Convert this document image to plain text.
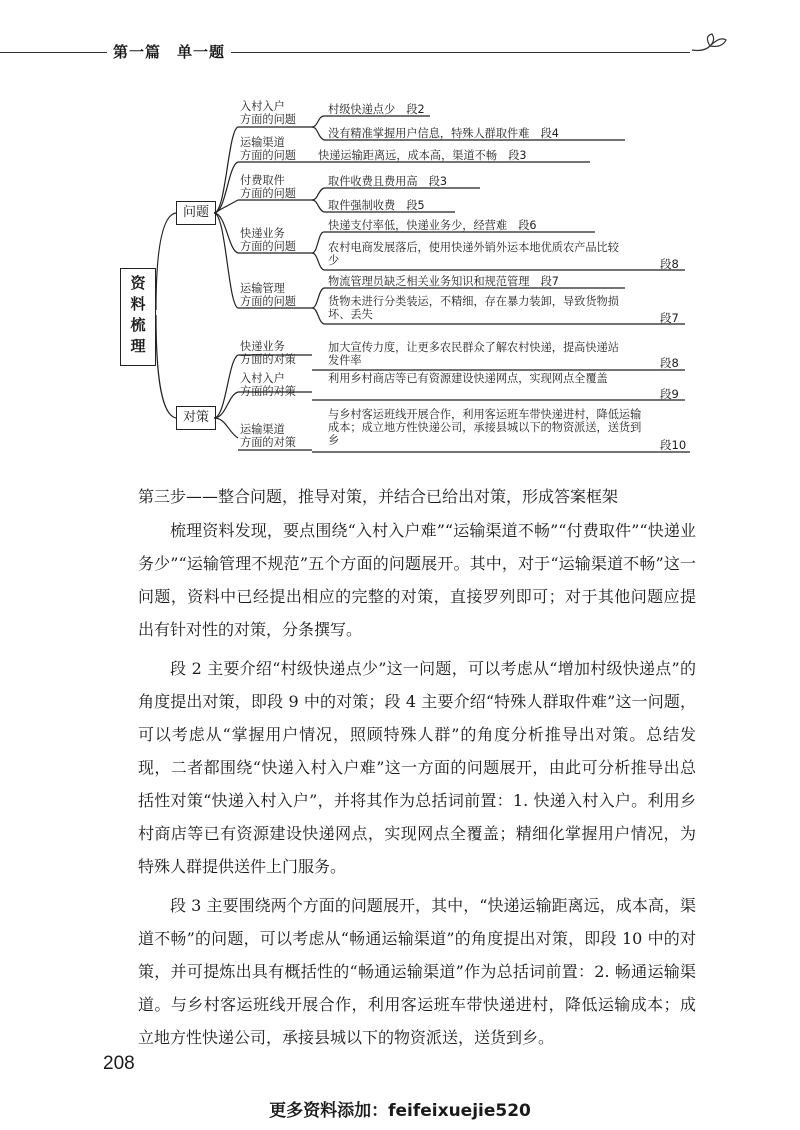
第一篇　单一题
资
料
梳
理
问题
对策
入村入户
方面的问题
村级快递点少　段2
没有精准掌握用户信息，特殊人群取件难　段4
运输渠道
方面的问题 快递运输距离远，成本高，渠道不畅　段3
付费取件
方面的问题
取件收费且费用高　段3
取件强制收费　段5
快递业务
方面的问题
快递支付率低，快递业务少，经营难　段6
农村电商发展落后，使用快递外销外运本地优质农产品比较少	段8
运输管理
方面的问题
物流管理员缺乏相关业务知识和规范管理　段7
货物未进行分类装运，不精细，存在暴力装卸，导致货物损坏、丢失	段7
快递业务
方面的对策
加大宣传力度，让更多农民群众了解农村快递，提高快递站发件率	段8
入村入户
方面的对策
利用乡村商店等已有资源建设快递网点，实现网点全覆盖
段9
运输渠道
方面的对策
与乡村客运班线开展合作，利用客运班车带快递进村，降低运输成本；成立地方性快递公司，承接县城以下的物资派送，送货到乡	段10
第三步——整合问题，推导对策，并结合已给出对策，形成答案框架

梳理资料发现，要点围绕“入村入户难”“运输渠道不畅”“付费取件”“快递业务少”“运输管理不规范”五个方面的问题展开。其中，对于“运输渠道不畅”这一问题，资料中已经提出相应的完整的对策，直接罗列即可；对于其他问题应提出有针对性的对策，分条撰写。

段 2 主要介绍“村级快递点少”这一问题，可以考虑从“增加村级快递点”的角度提出对策，即段 9 中的对策；段 4 主要介绍“特殊人群取件难”这一问题，可以考虑从“掌握用户情况，照顾特殊人群”的角度分析推导出对策。总结发现，二者都围绕“快递入村入户难”这一方面的问题展开，由此可分析推导出总括性对策“快递入村入户”，并将其作为总括词前置：1. 快递入村入户。利用乡村商店等已有资源建设快递网点，实现网点全覆盖；精细化掌握用户情况，为特殊人群提供送件上门服务。

段 3 主要围绕两个方面的问题展开，其中，“快递运输距离远，成本高，渠道不畅”的问题，可以考虑从“畅通运输渠道”的角度提出对策，即段 10 中的对策，并可提炼出具有概括性的“畅通运输渠道”作为总括词前置：2. 畅通运输渠道。与乡村客运班线开展合作，利用客运班车带快递进村，降低运输成本；成立地方性快递公司，承接县城以下的物资派送，送货到乡。

208
更多资料添加：feifeixuejie520
